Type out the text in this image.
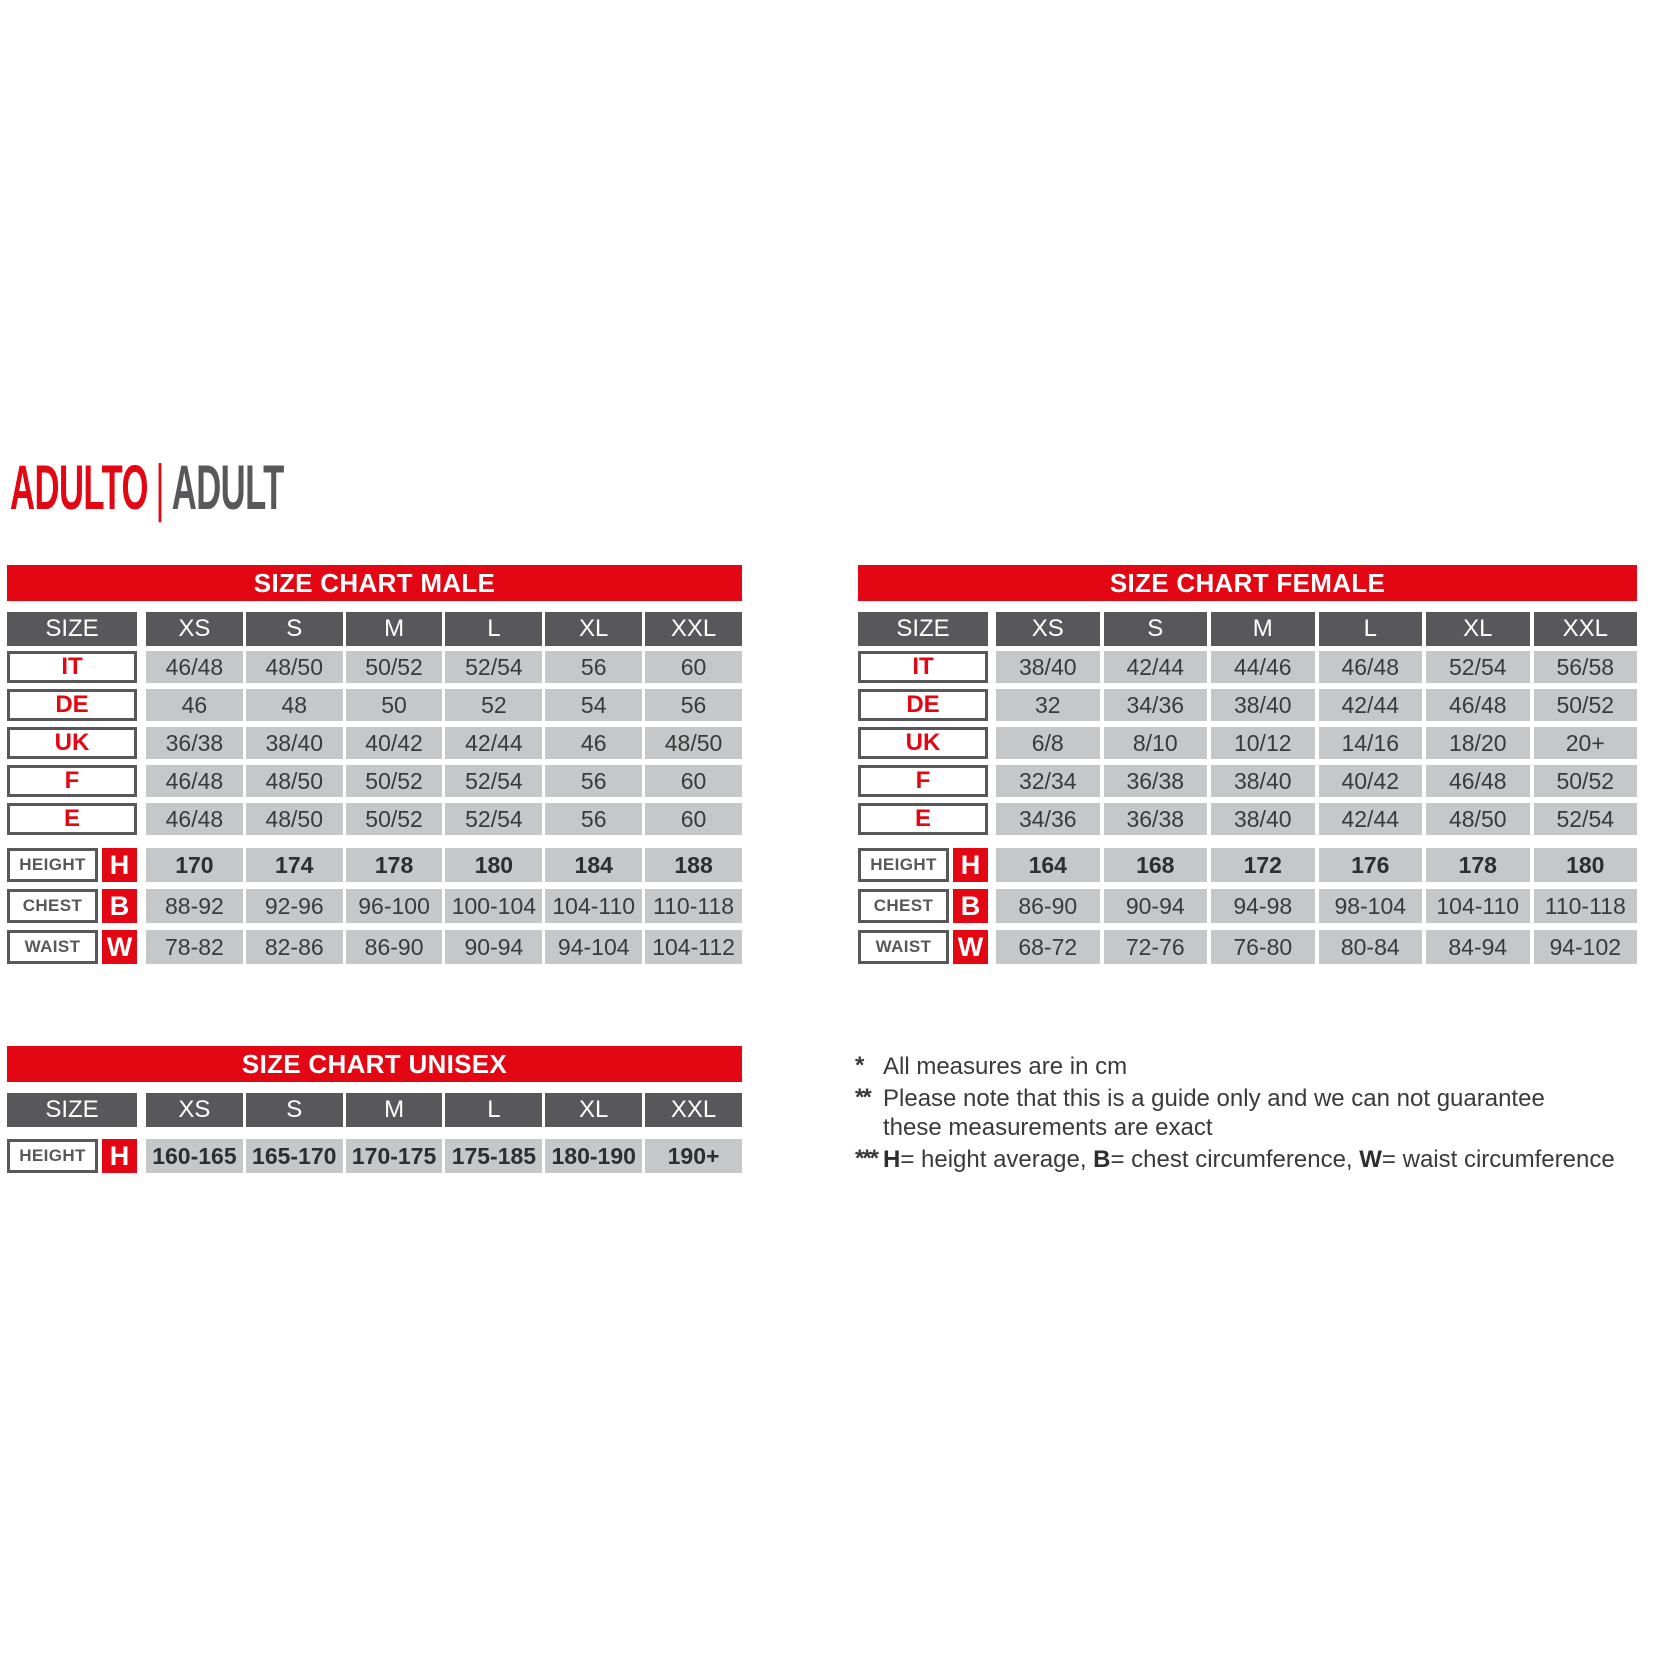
ADULTO | ADULT
SIZE CHART MALE
SIZE	XS	S	M	L	XL	XXL
IT	46/48	48/50	50/52	52/54	56	60
DE	46	48	50	52	54	56
UK	36/38	38/40	40/42	42/44	46	48/50
F	46/48	48/50	50/52	52/54	56	60
E	46/48	48/50	50/52	52/54	56	60
HEIGHT H	170	174	178	180	184	188
CHEST	B	88-92	92-96	96-100 100-104 104-110 110-118
WAIST W	78-82	82-86	86-90	90-94	94-104 104-112
SIZE CHART FEMALE
SIZE	XS	S	M	L	XL	XXL
IT	38/40	42/44	44/46	46/48	52/54	56/58
DE	32	34/36	38/40	42/44	46/48	50/52
UK	6/8	8/10	10/12	14/16	18/20	20+
F	32/34	36/38	38/40	40/42	46/48	50/52
E	34/36	36/38	38/40	42/44	48/50	52/54
HEIGHT H	164	168	172	176	178	180
CHEST	B	86-90	90-94	94-98	98-104	104-110	110-118
WAIST W	68-72	72-76	76-80	80-84	84-94	94-102
SIZE CHART UNISEX
SIZE	XS	S	M	L	XL	XXL
HEIGHT H 160-165 165-170 170-175 175-185 180-190	190+
* All measures are in cm
** Please note that this is a guide only and we can not guarantee
these measurements are exact
*** H= height average, B= chest circumference, W= waist circumference
